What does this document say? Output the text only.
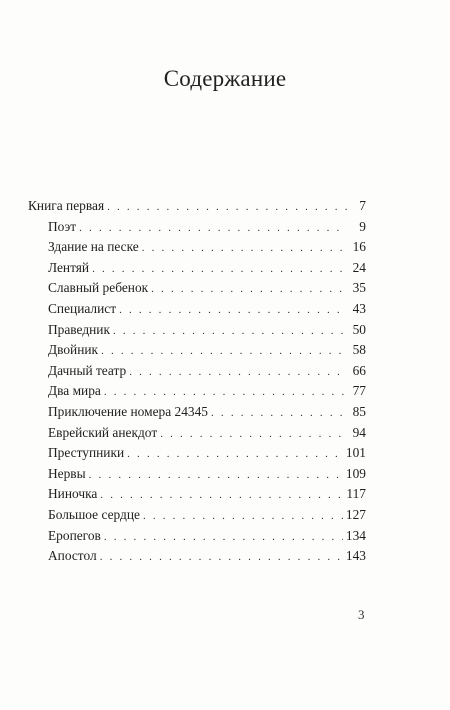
Содержание
Книга первая . . .	7
Поэт . . .	9
Здание на песке . . .	16
Лентяй . . .	24
Славный ребенок . . .	35
Специалист . . .	43
Праведник . . .	50
Двойник . . .	58
Дачный театр . . .	66
Два мира . . .	77
Приключение номера 24345 . . .	85
Еврейский анекдот . . .	94
Преступники . . .	101
Нервы . . .	109
Ниночка . . .	117
Большое сердце . . .	127
Еропегов . . .	134
Апостол . . .	143
3
